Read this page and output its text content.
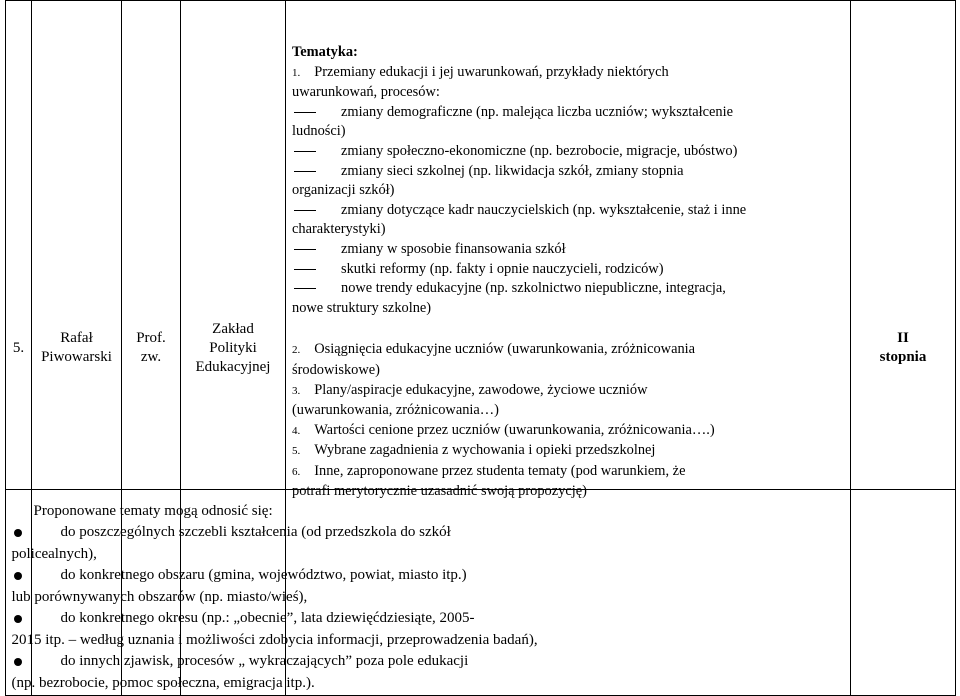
5.	
Rafał
Piwowarski

Prof.
zw.

Zakład
Polityki
Edukacyjnej

Tematyka:
1. Przemiany edukacji i jej uwarunkowań, przykłady niektórych
uwarunkowań, procesów:
zmiany demograficzne (np. malejąca liczba uczniów; wykształcenie
ludności)
zmiany społeczno-ekonomiczne (np. bezrobocie, migracje, ubóstwo)
zmiany sieci szkolnej (np. likwidacja szkół, zmiany stopnia
organizacji szkół)
zmiany dotyczące kadr nauczycielskich (np. wykształcenie, staż i inne
charakterystyki)
zmiany w sposobie finansowania szkół
skutki reformy (np. fakty i opnie nauczycieli, rodziców)
nowe trendy edukacyjne (np. szkolnictwo niepubliczne, integracja,
nowe struktury szkolne)
2. Osiągnięcia edukacyjne uczniów (uwarunkowania, zróżnicowania
środowiskowe)
3. Plany/aspiracje edukacyjne, zawodowe, życiowe uczniów
(uwarunkowania, zróżnicowania…)
4. Wartości cenione przez uczniów (uwarunkowania, zróżnicowania….)
5. Wybrane zagadnienia z wychowania i opieki przedszkolnej
6. Inne, zaproponowane przez studenta tematy (pod warunkiem, że
potrafi merytorycznie uzasadnić swoją propozycję)
Proponowane tematy mogą odnosić się:
do poszczególnych szczebli kształcenia (od przedszkola do szkół
policealnych),
do konkretnego obszaru (gmina, województwo, powiat, miasto itp.)
lub porównywanych obszarów (np. miasto/wieś),
do konkretnego okresu (np.: „obecnie”, lata dziewięćdziesiąte, 2005-
2015 itp. – według uznania i możliwości zdobycia informacji, przeprowadzenia badań),
do innych zjawisk, procesów „ wykraczających” poza pole edukacji
(np. bezrobocie, pomoc społeczna, emigracja itp.).

II
stopnia
